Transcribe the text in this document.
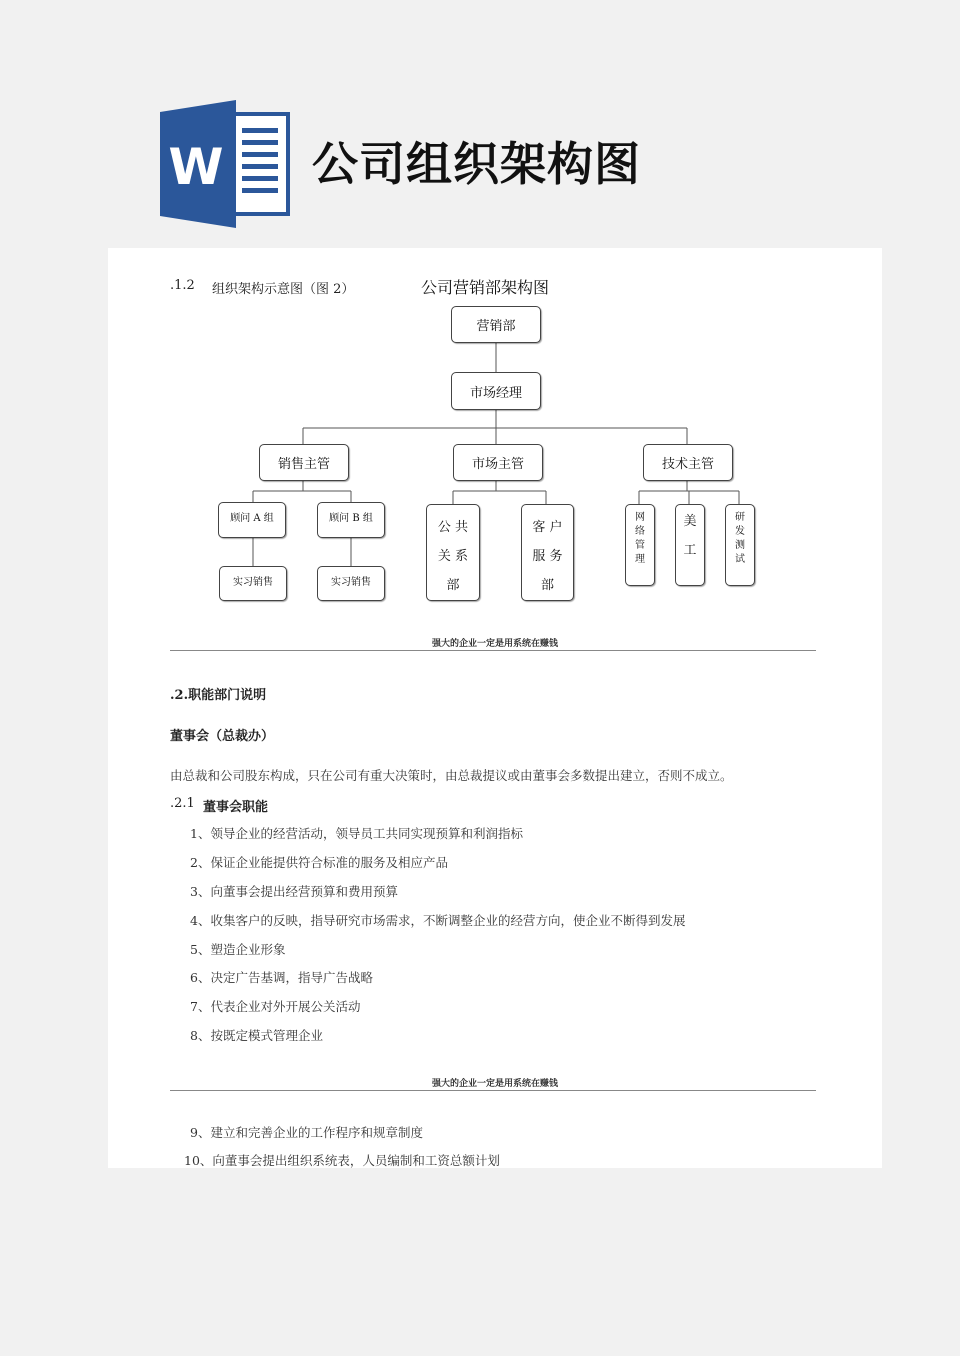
W 公司组织架构图
.1.2 组织架构示意图（图 2）	公司营销部架构图
营销部
市场经理
销售主管	市场主管	技术主管
顾问 A 组	顾问 B 组
实习销售	实习销售
公 共 关 系 部
客 户 服 务 部
网 络 管 理
美 工
研 发 测 试
强大的企业一定是用系统在赚钱
.2.职能部门说明
董事会（总裁办）
由总裁和公司股东构成，只在公司有重大决策时，由总裁提议或由董事会多数提出建立，否则不成立。
.2.1 董事会职能
1、领导企业的经营活动，领导员工共同实现预算和利润指标
2、保证企业能提供符合标准的服务及相应产品
3、向董事会提出经营预算和费用预算
4、收集客户的反映，指导研究市场需求，不断调整企业的经营方向，使企业不断得到发展
5、塑造企业形象
6、决定广告基调，指导广告战略
7、代表企业对外开展公关活动
8、按既定模式管理企业
强大的企业一定是用系统在赚钱
9、建立和完善企业的工作程序和规章制度
10、向董事会提出组织系统表，人员编制和工资总额计划
